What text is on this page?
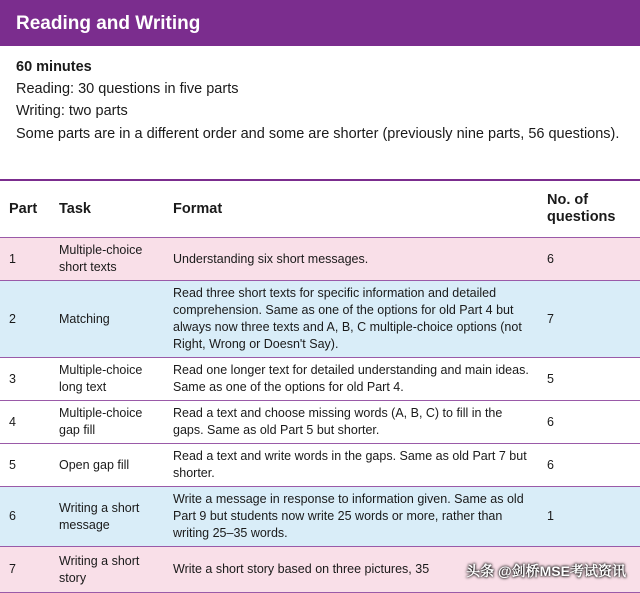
Reading and Writing
60 minutes
Reading: 30 questions in five parts
Writing: two parts
Some parts are in a different order and some are shorter (previously nine parts, 56 questions).
Part	Task	Format	No. of questions
1	Multiple-choice short texts	Understanding six short messages.	6
2	Matching	Read three short texts for specific information and detailed comprehension. Same as one of the options for old Part 4 but always now three texts and A, B, C multiple-choice options (not Right, Wrong or Doesn't Say).	7
3	Multiple-choice long text	Read one longer text for detailed understanding and main ideas. Same as one of the options for old Part 4.	5
4	Multiple-choice gap fill	Read a text and choose missing words (A, B, C) to fill in the gaps. Same as old Part 5 but shorter.	6
5	Open gap fill	Read a text and write words in the gaps. Same as old Part 7 but shorter.	6
6	Writing a short message	Write a message in response to information given. Same as old Part 9 but students now write 25 words or more, rather than writing 25–35 words.	1
7	Writing a short story	Write a short story based on three pictures, 35		头条 @剑桥MSE考试资讯
